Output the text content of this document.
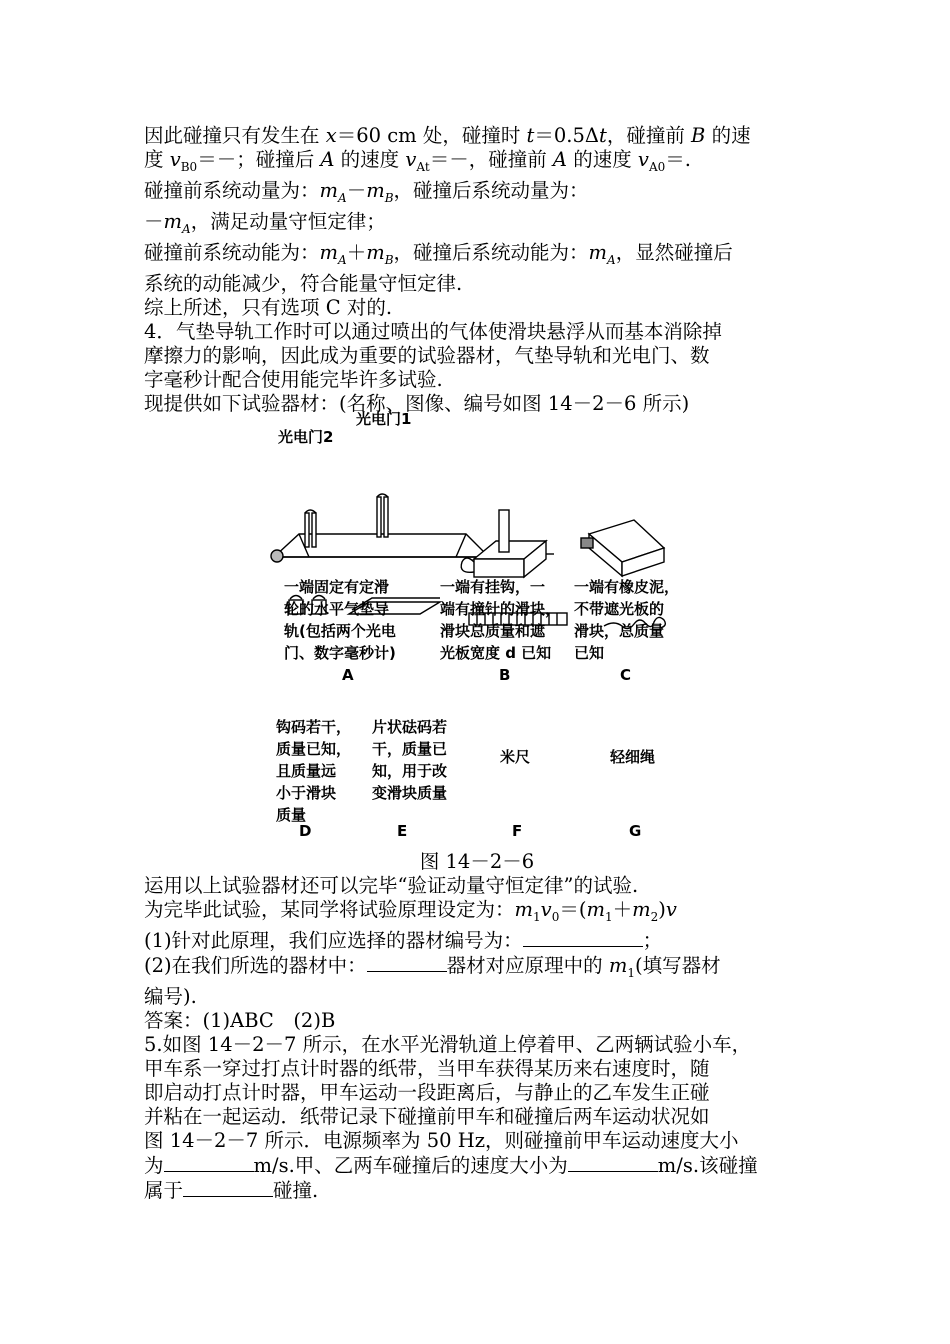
因此碰撞只有发生在 x＝60 cm 处，碰撞时 t＝0.5Δt，碰撞前 B 的速
度 $v_{B0}=-$；碰撞后 A 的速度 $v_{At}=-$，碰撞前 A 的速度 $v_{A0}=$.

碰撞前系统动量为：$m_A-m_B$，碰撞后系统动量为：
$-m_A$，满足动量守恒定律；

碰撞前系统动能为：$m_A+m_B$，碰撞后系统动能为：$m_A$，显然碰撞后
系统的动能减少，符合能量守恒定律.

综上所述，只有选项 C 对的.

4．气垫导轨工作时可以通过喷出的气体使滑块悬浮从而基本消除掉
摩擦力的影响，因此成为重要的试验器材，气垫导轨和光电门、数
字毫秒计配合使用能完毕许多试验.
现提供如下试验器材：(名称、图像、编号如图 14－2－6 所示)

光电门2
光电门1
一端固定有定滑
轮的水平气垫导
轨(包括两个光电
门、数字毫秒计)
一端有挂钩，一
端有撞针的滑块，
滑块总质量和遮
光板宽度 d 已知
一端有橡皮泥，
不带遮光板的
滑块，总质量
已知
A	B	C
钩码若干，
质量已知，
且质量远
小于滑块
质量
片状砝码若
干，质量已
知，用于改
变滑块质量
米尺	轻细绳
D	E	F	G

图 14－2－6

运用以上试验器材还可以完毕“验证动量守恒定律”的试验.
为完毕此试验，某同学将试验原理设定为：$m_1v_0=(m_1+m_2)v$
(1)针对此原理，我们应选择的器材编号为：	；
(2)在我们所选的器材中：	器材对应原理中的 $m_1$(填写器材
编号).
答案：(1)ABC　(2)B

5.如图 14－2－7 所示，在水平光滑轨道上停着甲、乙两辆试验小车，
甲车系一穿过打点计时器的纸带，当甲车获得某历来右速度时，随
即启动打点计时器，甲车运动一段距离后，与静止的乙车发生正碰
并粘在一起运动．纸带记录下碰撞前甲车和碰撞后两车运动状况如
图 14－2－7 所示．电源频率为 50 Hz，则碰撞前甲车运动速度大小
为	m/s.甲、乙两车碰撞后的速度大小为	m/s.该碰撞
属于	碰撞.
